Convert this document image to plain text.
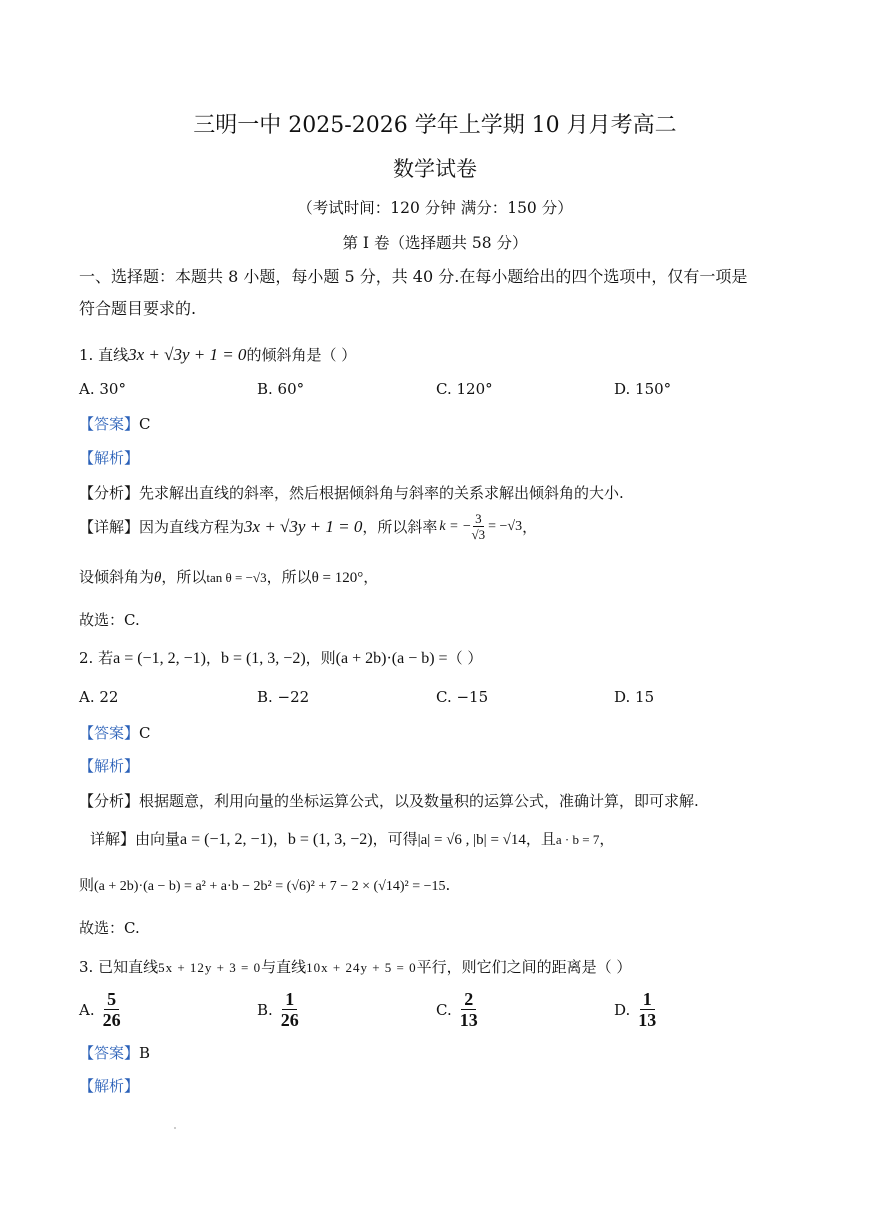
三明一中 2025-2026 学年上学期 10 月月考高二
数学试卷
（考试时间：120 分钟 满分：150 分）
第 I 卷（选择题共 58 分）
一、选择题：本题共 8 小题，每小题 5 分，共 40 分.在每小题给出的四个选项中，仅有一项是
符合题目要求的.
1. 直线3x + √3y + 1 = 0的倾斜角是（ ）
A. 30°	B. 60°	C. 120°	D. 150°
【答案】C
【解析】
【分析】先求解出直线的斜率，然后根据倾斜角与斜率的关系求解出倾斜角的大小.
【详解】 因为直线方程为 3x + √3y + 1 = 0 ，所以斜率 k = − $\frac{3}{√3} = -√3$ ，
设倾斜角为θ，所以tan θ = −√3，所以θ = 120°，
故选：C.
2. 若a = (−1, 2, −1)，b = (1, 3, −2)，则(a + 2b)·(a − b) =（ ）
A. 22	B. −22	C. −15	D. 15
【答案】C
【解析】
【分析】根据题意，利用向量的坐标运算公式，以及数量积的运算公式，准确计算，即可求解.
详解】由向量a = (−1, 2, −1)，b = (1, 3, −2)，可得|a| = √6 , |b| = √14，且a · b = 7，
则(a + 2b)·(a − b) = a² + a·b − 2b² = (√6)² + 7 − 2 × (√14)² = −15.
故选：C.
3. 已知直线5x + 12y + 3 = 0与直线10x + 24y + 5 = 0平行，则它们之间的距离是（ ）
A. $\frac{5}{26}$	B. $\frac{1}{26}$	C. $\frac{2}{13}$	D. $\frac{1}{13}$
【答案】B
【解析】
